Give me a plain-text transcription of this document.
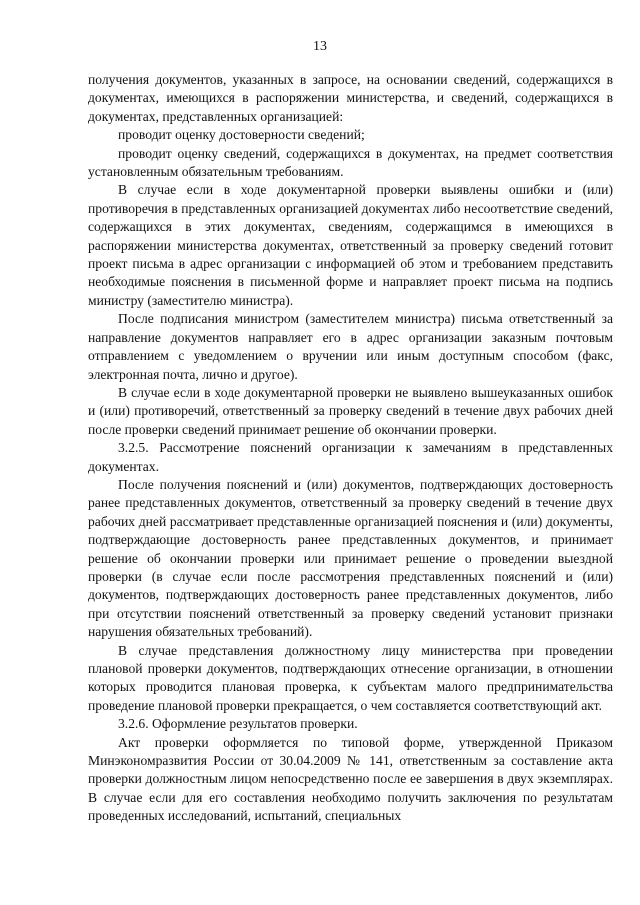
13

получения документов, указанных в запросе, на основании сведений, содержащихся в документах, имеющихся в распоряжении министерства, и сведений, содержащихся в документах, представленных организацией:

проводит оценку достоверности сведений;

проводит оценку сведений, содержащихся в документах, на предмет соответствия установленным обязательным требованиям.

В случае если в ходе документарной проверки выявлены ошибки и (или) противоречия в представленных организацией документах либо несоответствие сведений, содержащихся в этих документах, сведениям, содержащимся в имеющихся в распоряжении министерства документах, ответственный за проверку сведений готовит проект письма в адрес организации с информацией об этом и требованием представить необходимые пояснения в письменной форме и направляет проект письма на подпись министру (заместителю министра).

После подписания министром (заместителем министра) письма ответственный за направление документов направляет его в адрес организации заказным почтовым отправлением с уведомлением о вручении или иным доступным способом (факс, электронная почта, лично и другое).

В случае если в ходе документарной проверки не выявлено вышеуказанных ошибок и (или) противоречий, ответственный за проверку сведений в течение двух рабочих дней после проверки сведений принимает решение об окончании проверки.

3.2.5. Рассмотрение пояснений организации к замечаниям в представленных документах.

После получения пояснений и (или) документов, подтверждающих достоверность ранее представленных документов, ответственный за проверку сведений в течение двух рабочих дней рассматривает представленные организацией пояснения и (или) документы, подтверждающие достоверность ранее представленных документов, и принимает решение об окончании проверки или принимает решение о проведении выездной проверки (в случае если после рассмотрения представленных пояснений и (или) документов, подтверждающих достоверность ранее представленных документов, либо при отсутствии пояснений ответственный за проверку сведений установит признаки нарушения обязательных требований).

В случае представления должностному лицу министерства при проведении плановой проверки документов, подтверждающих отнесение организации, в отношении которых проводится плановая проверка, к субъектам малого предпринимательства проведение плановой проверки прекращается, о чем составляется соответствующий акт.

3.2.6. Оформление результатов проверки.

Акт проверки оформляется по типовой форме, утвержденной Приказом Минэкономразвития России от 30.04.2009 № 141, ответственным за составление акта проверки должностным лицом непосредственно после ее завершения в двух экземплярах. В случае если для его составления необходимо получить заключения по результатам проведенных исследований, испытаний, специальных
